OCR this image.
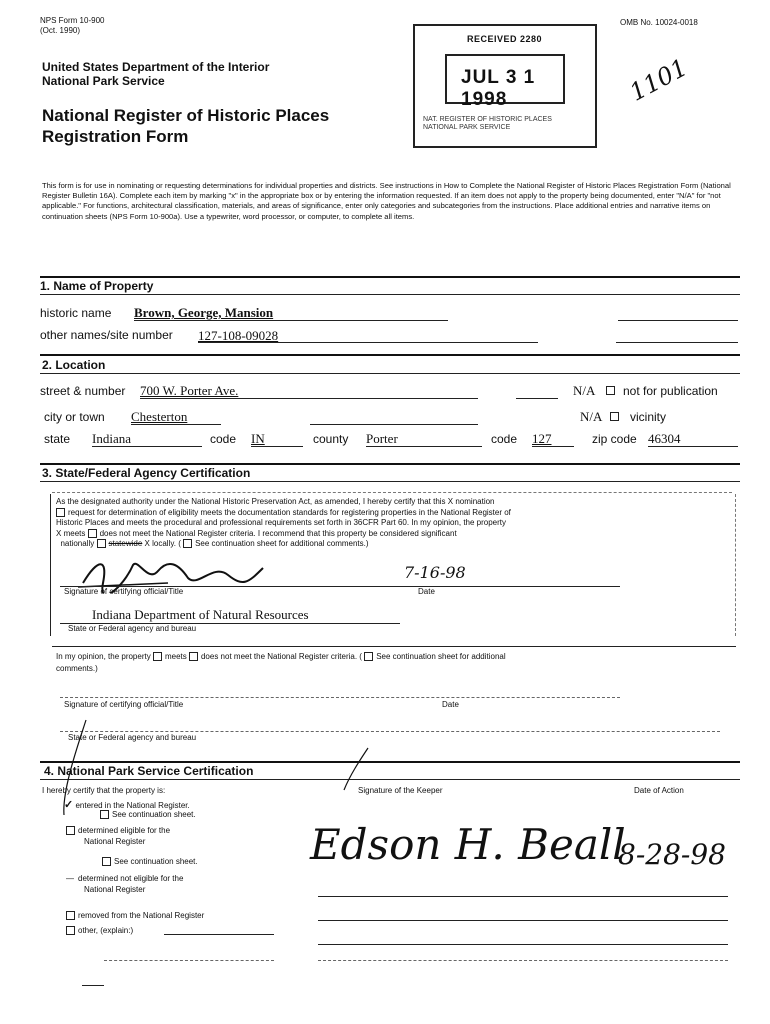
NPS Form 10-900
(Oct. 1990)
OMB No. 10024-0018
United States Department of the Interior
National Park Service
National Register of Historic Places
Registration Form
RECEIVED 2280
JUL 3 1 1998
NAT. REGISTER OF HISTORIC PLACES NATIONAL PARK SERVICE
1101
This form is for use in nominating or requesting determinations for individual properties and districts. See instructions in How to Complete the National Register of Historic Places Registration Form (National Register Bulletin 16A). Complete each item by marking "x" in the appropriate box or by entering the information requested. If an item does not apply to the property being documented, enter "N/A" for "not applicable." For functions, architectural classification, materials, and areas of significance, enter only categories and subcategories from the instructions. Place additional entries and narrative items on continuation sheets (NPS Form 10-900a). Use a typewriter, word processor, or computer, to complete all items.
1. Name of Property
historic name Brown, George, Mansion
other names/site number 127-108-09028
2. Location
street & number 700 W. Porter Ave.	N/A not for publication
city or town Chesterton	N/A vicinity
state Indiana	code IN	county Porter	code 127	zip code 46304
3. State/Federal Agency Certification
As the designated authority under the National Historic Preservation Act, as amended, I hereby certify that this X nomination
request for determination of eligibility meets the documentation standards for registering properties in the National Register of
Historic Places and meets the procedural and professional requirements set forth in 36CFR Part 60. In my opinion, the property
X meets does not meet the National Register criteria. I recommend that this property be considered significant
nationally statewide X locally. ( See continuation sheet for additional comments.)
7-16-98
Signature of certifying official/Title	Date
Indiana Department of Natural Resources
State or Federal agency and bureau
In my opinion, the property meets does not meet the National Register criteria. ( See continuation sheet for additional
comments.)
Signature of certifying official/Title	Date
State or Federal agency and bureau
4. National Park Service Certification
I hereby certify that the property is:
✓ entered in the National Register.
See continuation sheet.
determined eligible for the
National Register
See continuation sheet.
— determined not eligible for the
National Register
removed from the National Register
other, (explain:)
Signature of the Keeper	Date of Action
Edson H. Beall
8-28-98
